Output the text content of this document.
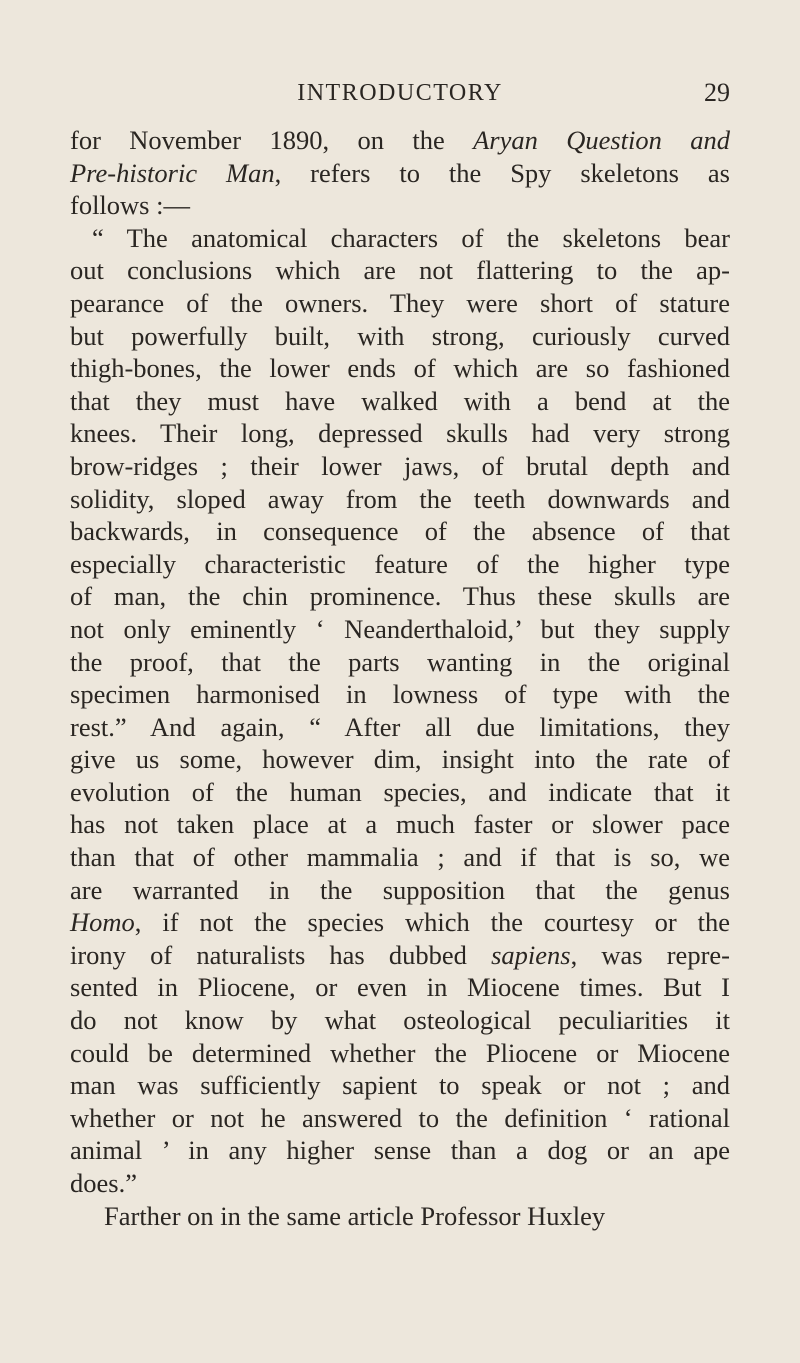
INTRODUCTORY	29
for November 1890, on the Aryan Question and
Pre-historic Man, refers to the Spy skeletons as
follows :—
“ The anatomical characters of the skeletons bear
out conclusions which are not flattering to the ap-
pearance of the owners. They were short of stature
but powerfully built, with strong, curiously curved
thigh-bones, the lower ends of which are so fashioned
that they must have walked with a bend at the
knees. Their long, depressed skulls had very strong
brow-ridges ; their lower jaws, of brutal depth and
solidity, sloped away from the teeth downwards and
backwards, in consequence of the absence of that
especially characteristic feature of the higher type
of man, the chin prominence. Thus these skulls are
not only eminently ‘ Neanderthaloid,’ but they supply
the proof, that the parts wanting in the original
specimen harmonised in lowness of type with the
rest.” And again, “ After all due limitations, they
give us some, however dim, insight into the rate of
evolution of the human species, and indicate that it
has not taken place at a much faster or slower pace
than that of other mammalia ; and if that is so, we
are warranted in the supposition that the genus
Homo, if not the species which the courtesy or the
irony of naturalists has dubbed sapiens, was repre-
sented in Pliocene, or even in Miocene times. But I
do not know by what osteological peculiarities it
could be determined whether the Pliocene or Miocene
man was sufficiently sapient to speak or not ; and
whether or not he answered to the definition ‘ rational
animal ’ in any higher sense than a dog or an ape
does.”
Farther on in the same article Professor Huxley
